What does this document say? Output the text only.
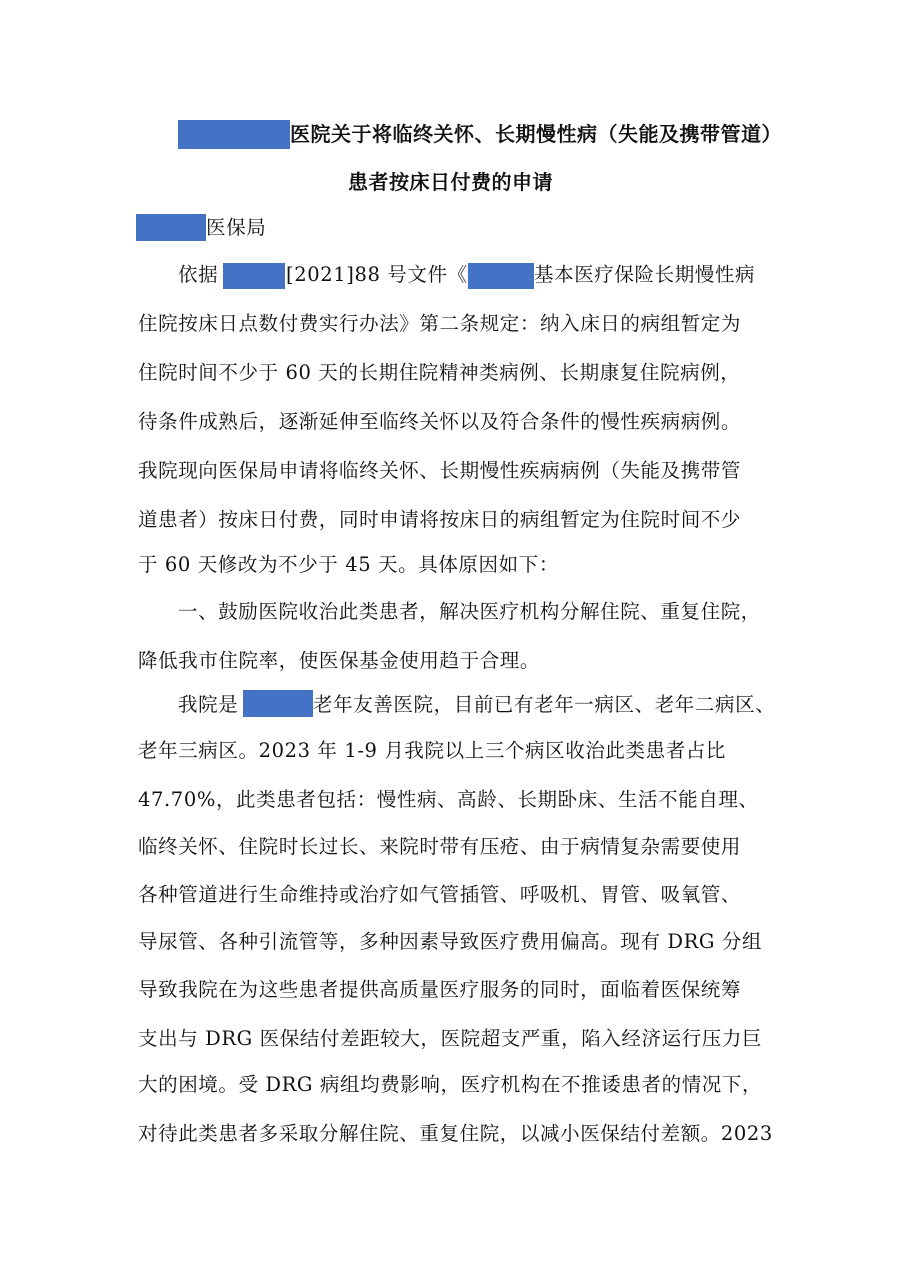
医院关于将临终关怀、长期慢性病（失能及携带管道）
患者按床日付费的申请
医保局
依据	[2021]88 号文件《	基本医疗保险长期慢性病
住院按床日点数付费实行办法》第二条规定：纳入床日的病组暂定为
住院时间不少于 60 天的长期住院精神类病例、长期康复住院病例，
待条件成熟后，逐渐延伸至临终关怀以及符合条件的慢性疾病病例。
我院现向医保局申请将临终关怀、长期慢性疾病病例（失能及携带管
道患者）按床日付费，同时申请将按床日的病组暂定为住院时间不少
于 60 天修改为不少于 45 天。具体原因如下：
一、鼓励医院收治此类患者，解决医疗机构分解住院、重复住院，
降低我市住院率，使医保基金使用趋于合理。
我院是	老年友善医院，目前已有老年一病区、老年二病区、
老年三病区。2023 年 1-9 月我院以上三个病区收治此类患者占比
47.70%，此类患者包括：慢性病、高龄、长期卧床、生活不能自理、
临终关怀、住院时长过长、来院时带有压疮、由于病情复杂需要使用
各种管道进行生命维持或治疗如气管插管、呼吸机、胃管、吸氧管、
导尿管、各种引流管等，多种因素导致医疗费用偏高。现有 DRG 分组
导致我院在为这些患者提供高质量医疗服务的同时，面临着医保统筹
支出与 DRG 医保结付差距较大，医院超支严重，陷入经济运行压力巨
大的困境。受 DRG 病组均费影响，医疗机构在不推诿患者的情况下，
对待此类患者多采取分解住院、重复住院，以减小医保结付差额。2023
